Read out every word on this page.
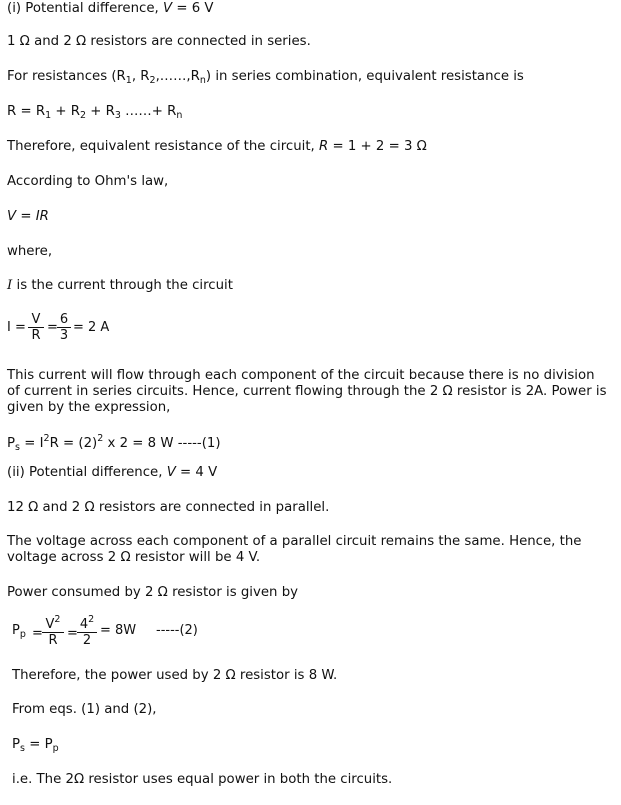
(i) Potential difference, V = 6 V
1 Ω and 2 Ω resistors are connected in series.
For resistances ($R_1$, $R_2,\dots\dots,R_n$) in series combination, equivalent resistance is
$R = R_1 + R_2 + R_3$ ……+ $R_n$
Therefore, equivalent resistance of the circuit, R = 1 + 2 = 3 Ω
According to Ohm's law,
V = IR
where,
I is the current through the circuit
$I = \frac{V}{R} = \frac{6}{3} = 2$ A
This current will flow through each component of the circuit because there is no division of current in series circuits. Hence, current flowing through the 2 Ω resistor is 2A. Power is given by the expression,
$P_s = I^2R = (2)^2$ x 2 = 8 W -----(1)
(ii) Potential difference, V = 4 V
12 Ω and 2 Ω resistors are connected in parallel.
The voltage across each component of a parallel circuit remains the same. Hence, the voltage across 2 Ω resistor will be 4 V.
Power consumed by 2 Ω resistor is given by
$P_p = \frac{V^2}{R} = \frac{4^2}{2} = 8W$ -----(2)
Therefore, the power used by 2 Ω resistor is 8 W.
From eqs. (1) and (2),
$P_s = P_p$
i.e. The 2Ω resistor uses equal power in both the circuits.
